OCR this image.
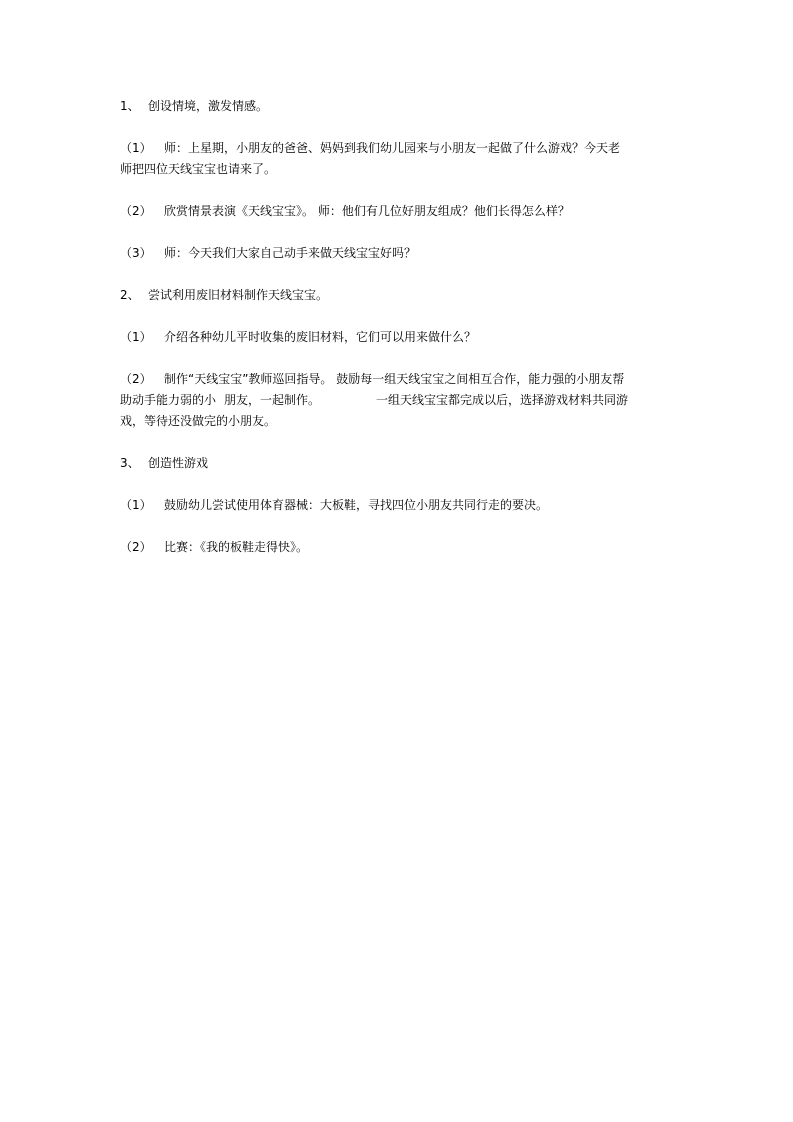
1、 创设情境，激发情感。

（1） 师：上星期，小朋友的爸爸、妈妈到我们幼儿园来与小朋友一起做了什么游戏？今天老

师把四位天线宝宝也请来了。

（2） 欣赏情景表演《天线宝宝》。 师：他们有几位好朋友组成？他们长得怎么样？

（3） 师：今天我们大家自己动手来做天线宝宝好吗？

2、 尝试利用废旧材料制作天线宝宝。

（1） 介绍各种幼儿平时收集的废旧材料，它们可以用来做什么？

（2） 制作“天线宝宝”教师巡回指导。 鼓励每一组天线宝宝之间相互合作，能力强的小朋友帮

助动手能力弱的小 朋友，一起制作。	一组天线宝宝都完成以后，选择游戏材料共同游

戏，等待还没做完的小朋友。

3、 创造性游戏

（1） 鼓励幼儿尝试使用体育器械：大板鞋，寻找四位小朋友共同行走的要决。

（2） 比赛：《我的板鞋走得快》。
